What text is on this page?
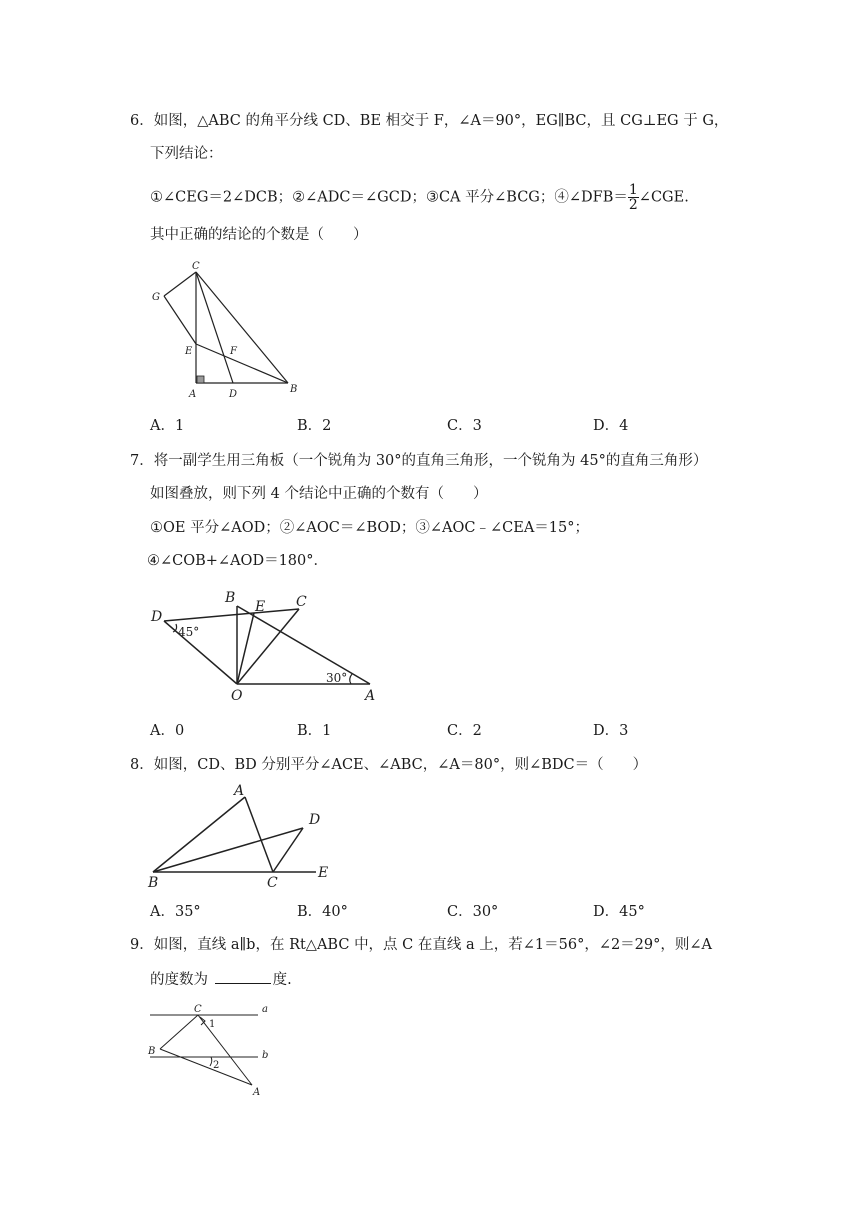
6．如图，△ABC 的角平分线 CD、BE 相交于 F，∠A＝90°，EG∥BC，且 CG⊥EG 于 G，
下列结论：
①∠CEG＝2∠DCB；②∠ADC＝∠GCD；③CA 平分∠BCG；④∠DFB＝ $\frac{1}{2}$ ∠CGE.
其中正确的结论的个数是（　　）
C
G
E	F
A	D	B
A．1	B．2	C．3	D．4
7．将一副学生用三角板（一个锐角为 30°的直角三角形，一个锐角为 45°的直角三角形）
如图叠放，则下列 4 个结论中正确的个数有（　　）
①OE 平分∠AOD；②∠AOC＝∠BOD；③∠AOC﹣∠CEA＝15°；
④∠COB+∠AOD＝180°．
D
B
E C
O	A
45°
30°
A．0	B．1	C．2	D．3
8．如图，CD、BD 分别平分∠ACE、∠ABC，∠A＝80°，则∠BDC＝（　　）
A
D
B	C
E
A．35°	B．40°	C．30°	D．45°
9．如图，直线 a∥b，在 Rt△ABC 中，点 C 在直线 a 上，若∠1＝56°，∠2＝29°，则∠A
的度数为	度.
C	a
B	b
A
1
2
